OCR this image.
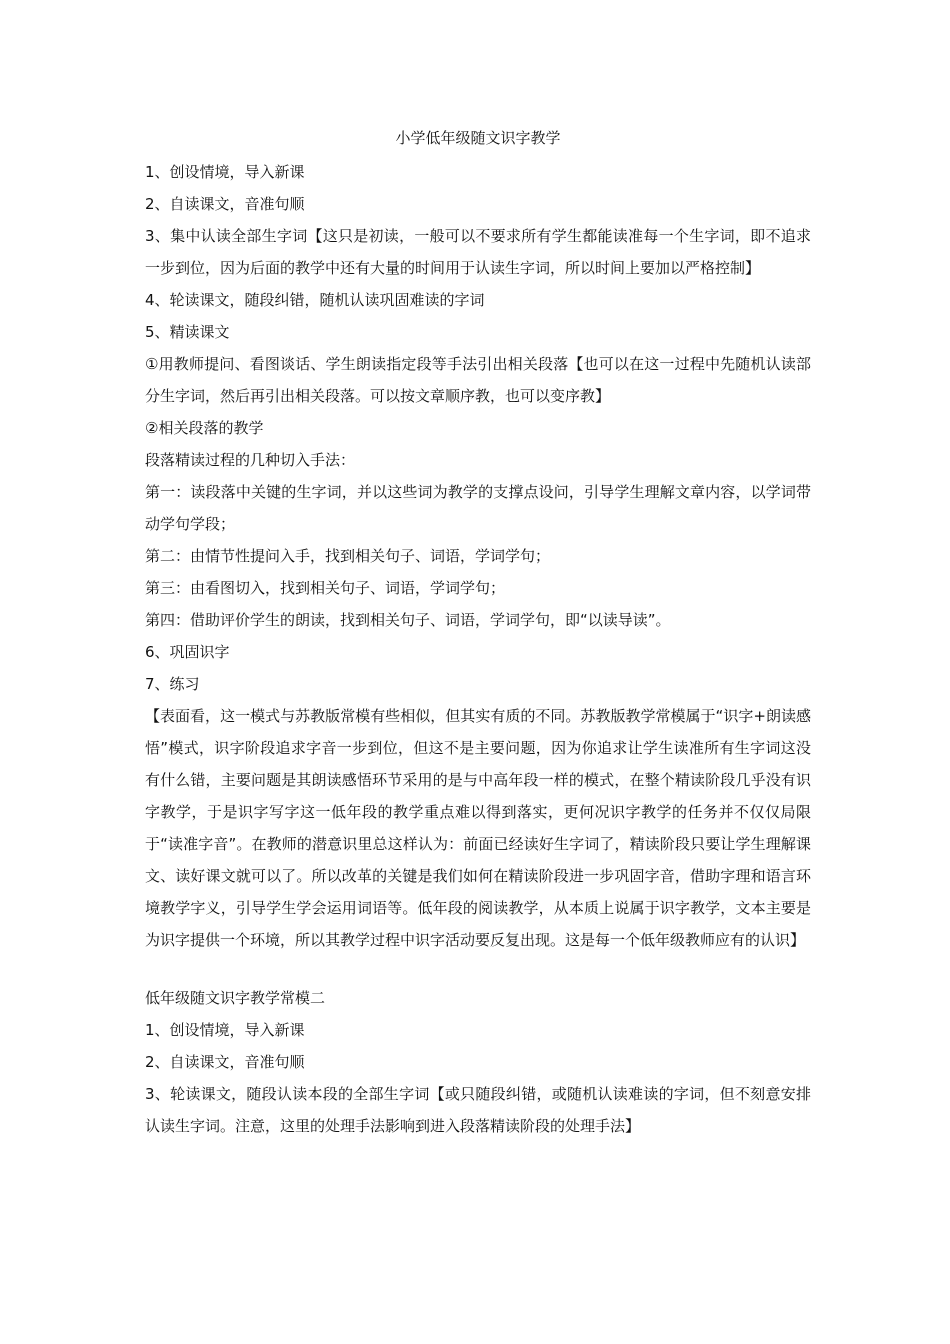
小学低年级随文识字教学

1、创设情境，导入新课

2、自读课文，音准句顺

3、集中认读全部生字词【这只是初读，一般可以不要求所有学生都能读准每一个生字词，即不追求一步到位，因为后面的教学中还有大量的时间用于认读生字词，所以时间上要加以严格控制】

4、轮读课文，随段纠错，随机认读巩固难读的字词

5、精读课文

①用教师提问、看图谈话、学生朗读指定段等手法引出相关段落【也可以在这一过程中先随机认读部分生字词，然后再引出相关段落。可以按文章顺序教，也可以变序教】

②相关段落的教学

段落精读过程的几种切入手法：

第一：读段落中关键的生字词，并以这些词为教学的支撑点设问，引导学生理解文章内容，以学词带动学句学段；

第二：由情节性提问入手，找到相关句子、词语，学词学句；

第三：由看图切入，找到相关句子、词语，学词学句；

第四：借助评价学生的朗读，找到相关句子、词语，学词学句，即“以读导读”。

6、巩固识字

7、练习

【表面看，这一模式与苏教版常模有些相似，但其实有质的不同。苏教版教学常模属于“识字+朗读感悟”模式，识字阶段追求字音一步到位，但这不是主要问题，因为你追求让学生读准所有生字词这没有什么错，主要问题是其朗读感悟环节采用的是与中高年段一样的模式，在整个精读阶段几乎没有识字教学，于是识字写字这一低年段的教学重点难以得到落实，更何况识字教学的任务并不仅仅局限于“读准字音”。在教师的潜意识里总这样认为：前面已经读好生字词了，精读阶段只要让学生理解课文、读好课文就可以了。所以改革的关键是我们如何在精读阶段进一步巩固字音，借助字理和语言环境教学字义，引导学生学会运用词语等。低年段的阅读教学，从本质上说属于识字教学，文本主要是为识字提供一个环境，所以其教学过程中识字活动要反复出现。这是每一个低年级教师应有的认识】

低年级随文识字教学常模二

1、创设情境，导入新课

2、自读课文，音准句顺

3、轮读课文，随段认读本段的全部生字词【或只随段纠错，或随机认读难读的字词，但不刻意安排认读生字词。注意，这里的处理手法影响到进入段落精读阶段的处理手法】
